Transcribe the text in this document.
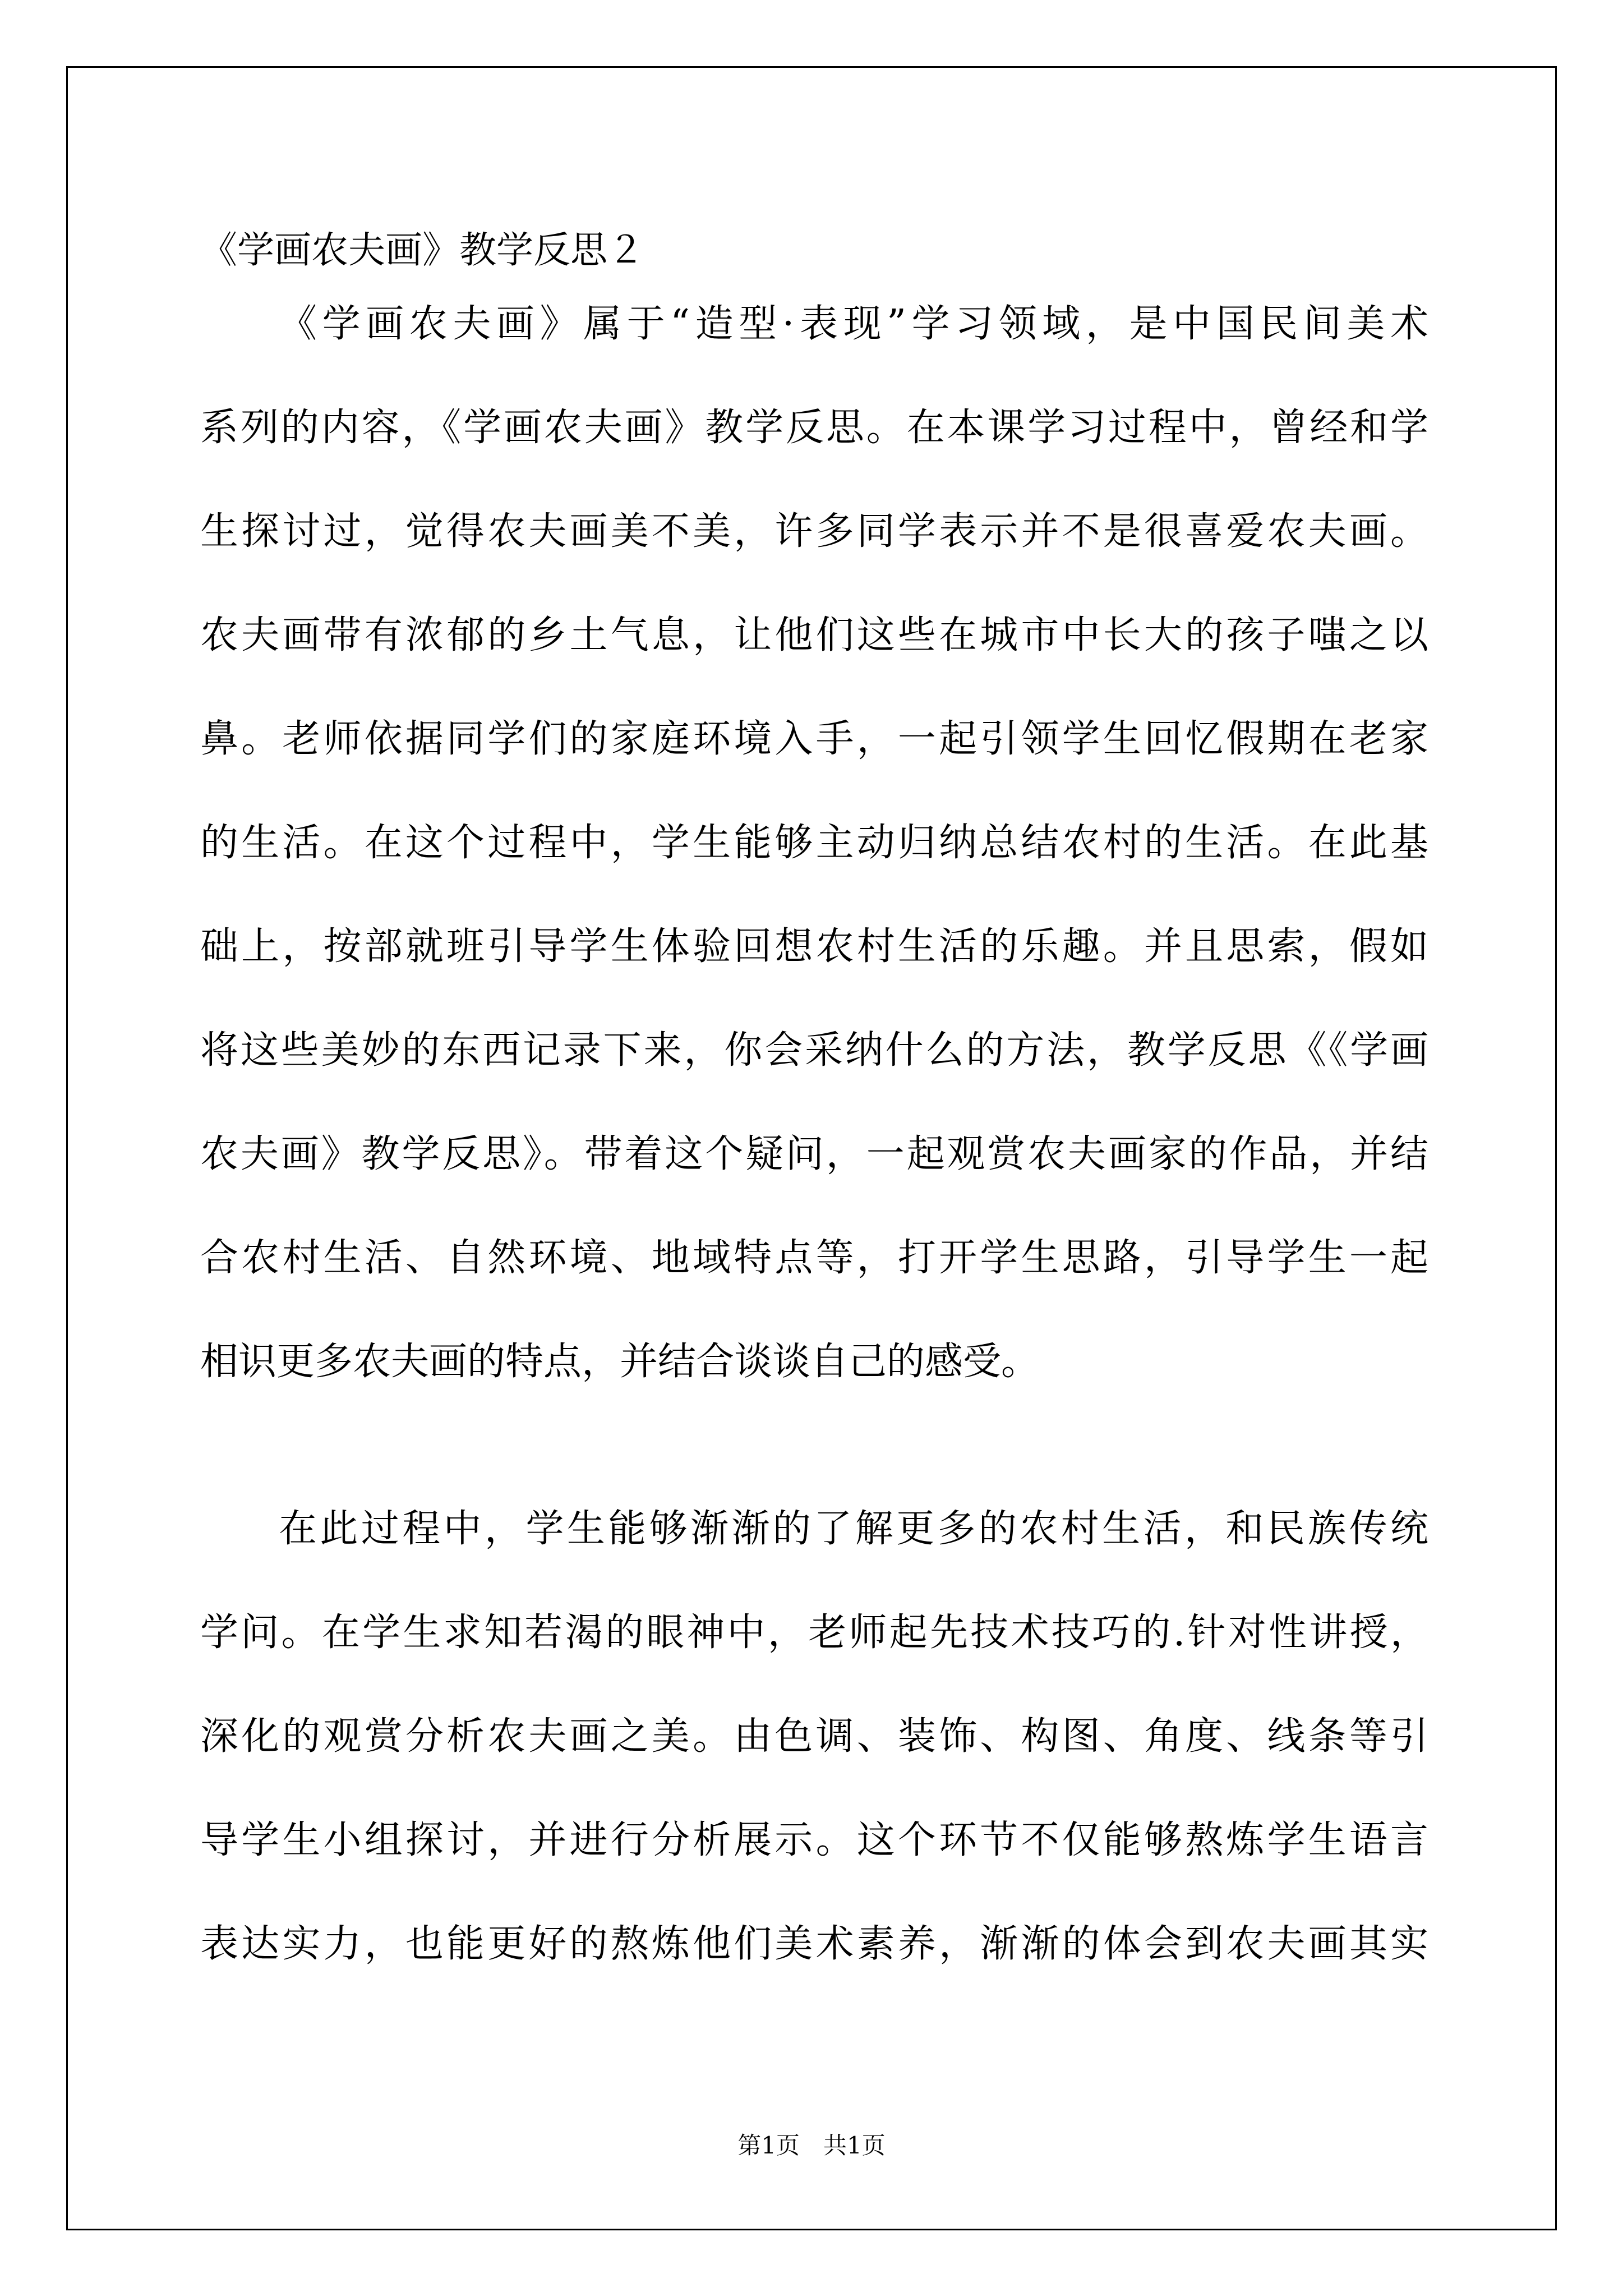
《学画农夫画》教学反思２
《学画农夫画》属于“造型·表现”学习领域，是中国民间美术
系列的内容，《学画农夫画》教学反思。在本课学习过程中，曾经和学
生探讨过，觉得农夫画美不美，许多同学表示并不是很喜爱农夫画。
农夫画带有浓郁的乡土气息，让他们这些在城市中长大的孩子嗤之以
鼻。老师依据同学们的家庭环境入手，一起引领学生回忆假期在老家
的生活。在这个过程中，学生能够主动归纳总结农村的生活。在此基
础上，按部就班引导学生体验回想农村生活的乐趣。并且思索，假如
将这些美妙的东西记录下来，你会采纳什么的方法，教学反思《《学画
农夫画》教学反思》。带着这个疑问，一起观赏农夫画家的作品，并结
合农村生活、自然环境、地域特点等，打开学生思路，引导学生一起
相识更多农夫画的特点，并结合谈谈自己的感受。
在此过程中，学生能够渐渐的了解更多的农村生活，和民族传统
学问。在学生求知若渴的眼神中，老师起先技术技巧的.针对性讲授，
深化的观赏分析农夫画之美。由色调、装饰、构图、角度、线条等引
导学生小组探讨，并进行分析展示。这个环节不仅能够熬炼学生语言
表达实力，也能更好的熬炼他们美术素养，渐渐的体会到农夫画其实
第1页　共1页
